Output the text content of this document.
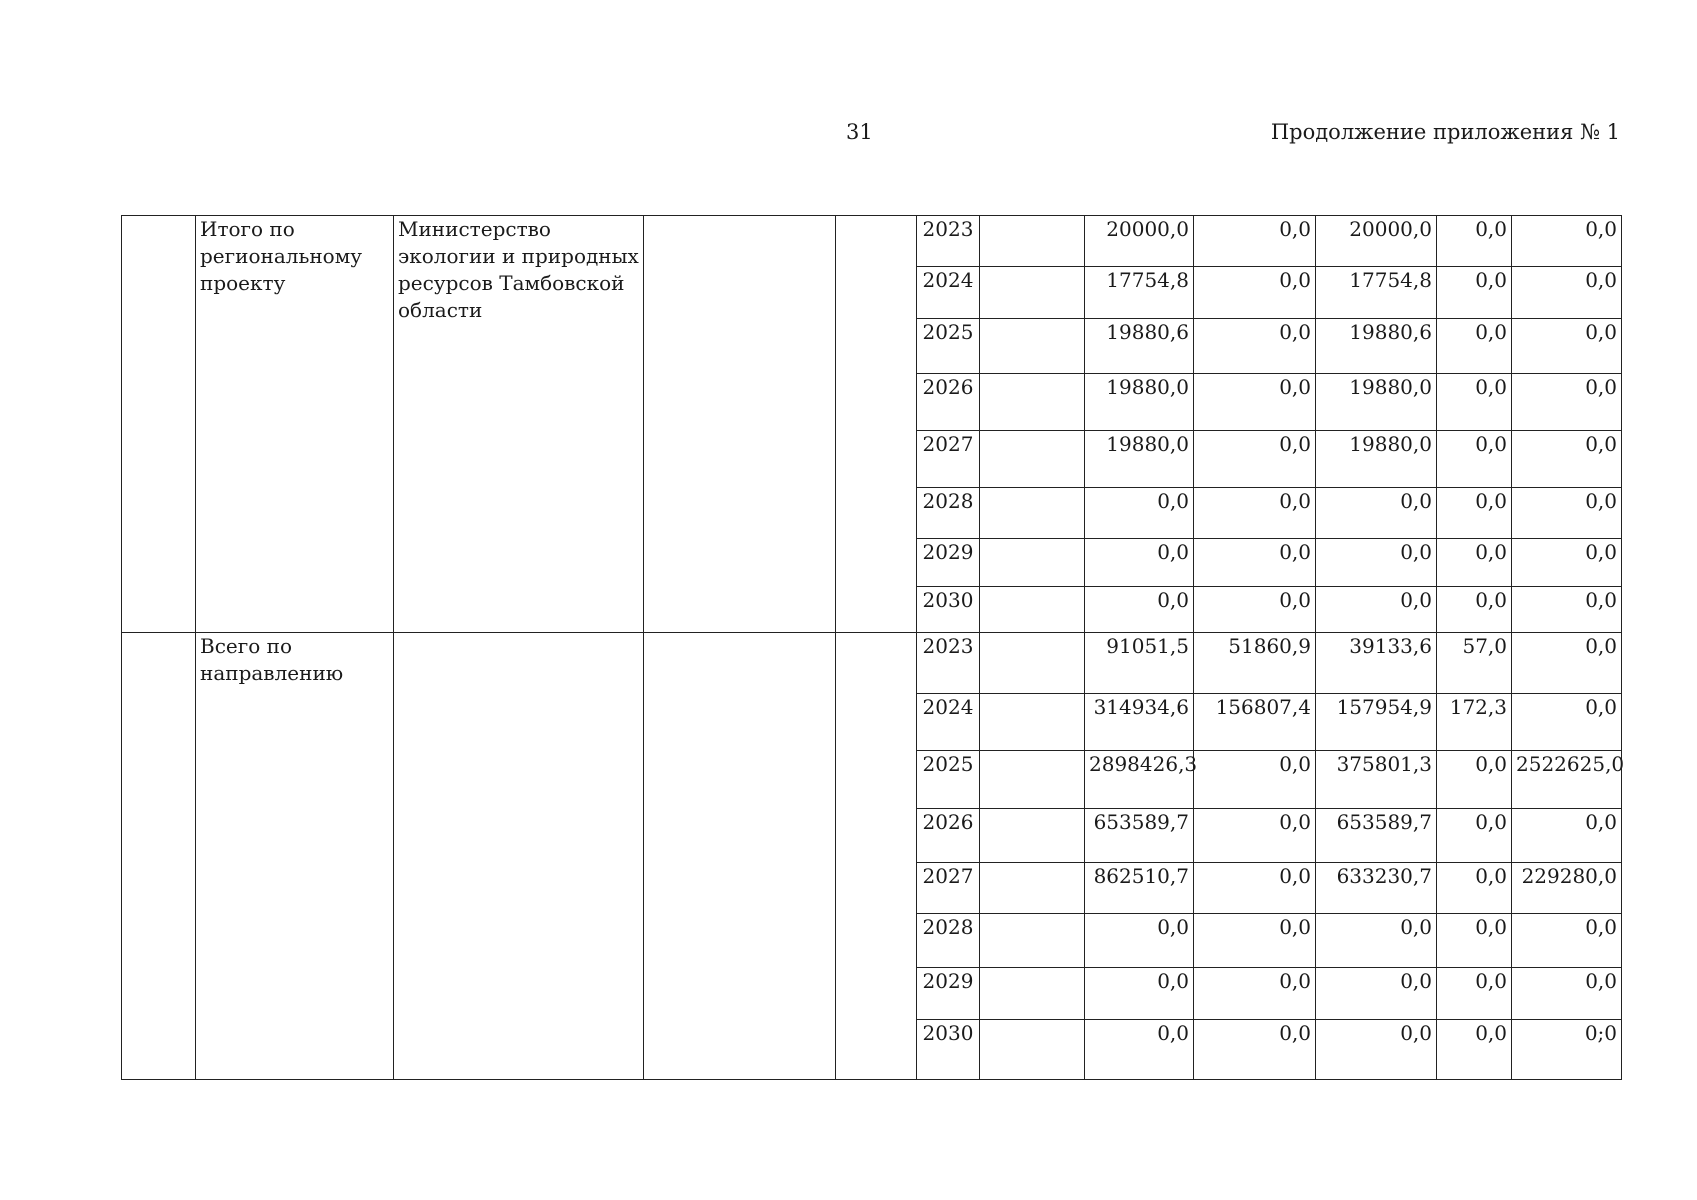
31	Продолжение приложения № 1
	Итого по региональному проекту	Министерство экологии и природных ресурсов Тамбовской области			2023		20000,0	0,0	20000,0	0,0	0,0
					2024		17754,8	0,0	17754,8	0,0	0,0
					2025		19880,6	0,0	19880,6	0,0	0,0
					2026		19880,0	0,0	19880,0	0,0	0,0
					2027		19880,0	0,0	19880,0	0,0	0,0
					2028		0,0	0,0	0,0	0,0	0,0
					2029		0,0	0,0	0,0	0,0	0,0
					2030		0,0	0,0	0,0	0,0	0,0
	Всего по направлению				2023		91051,5	51860,9	39133,6	57,0	0,0
					2024		314934,6	156807,4	157954,9	172,3	0,0
					2025		2898426,3	0,0	375801,3	0,0	2522625,0
					2026		653589,7	0,0	653589,7	0,0	0,0
					2027		862510,7	0,0	633230,7	0,0	229280,0
					2028		0,0	0,0	0,0	0,0	0,0
					2029		0,0	0,0	0,0	0,0	0,0
					2030		0,0	0,0	0,0	0,0	0;0
